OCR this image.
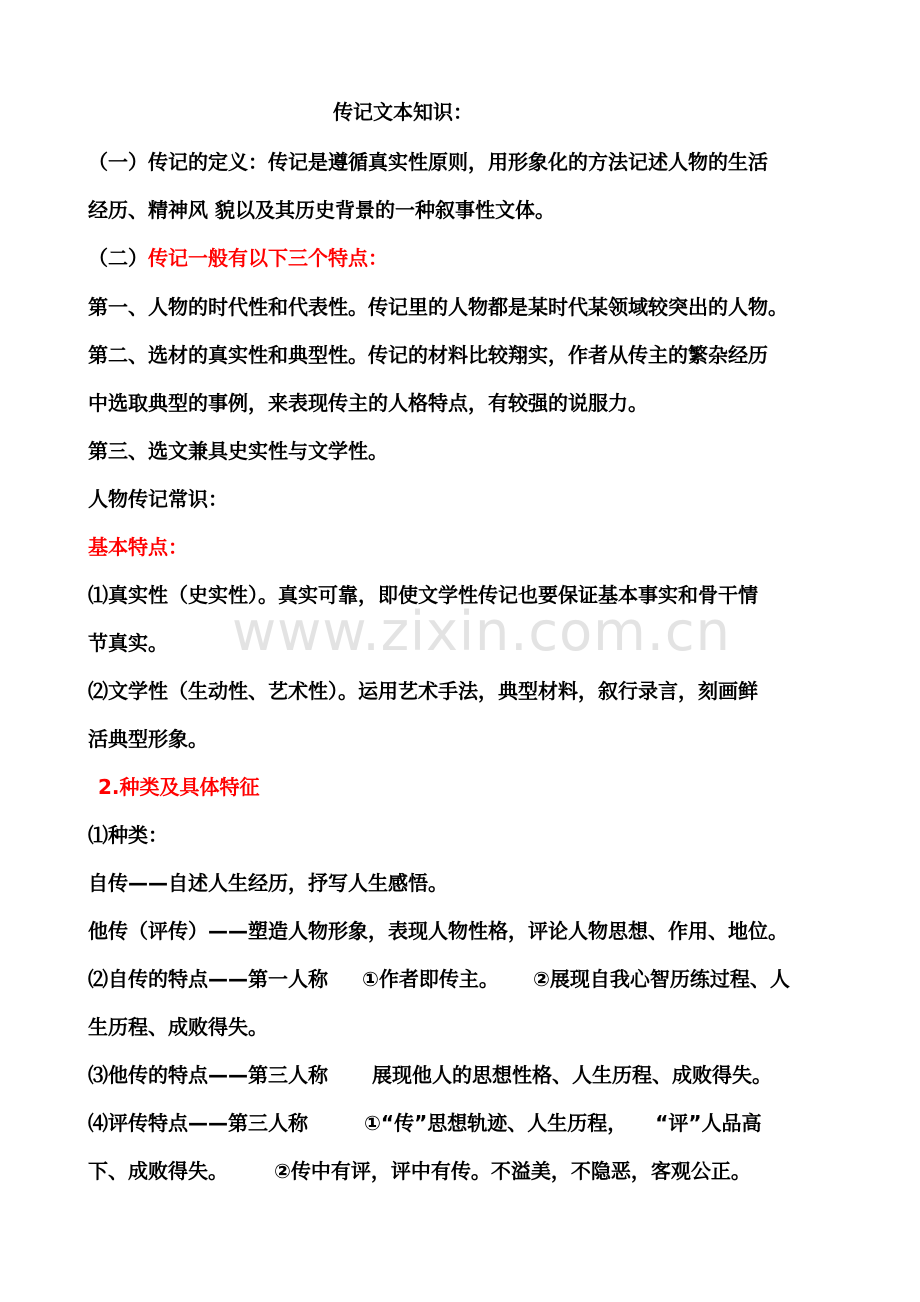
www.zixin.com.cn
传记文本知识：
（一）传记的定义：传记是遵循真实性原则，用形象化的方法记述人物的生活
经历、精神风 貌以及其历史背景的一种叙事性文体。
（二）传记一般有以下三个特点：
第一、人物的时代性和代表性。传记里的人物都是某时代某领域较突出的人物。
第二、选材的真实性和典型性。传记的材料比较翔实，作者从传主的繁杂经历
中选取典型的事例，来表现传主的人格特点，有较强的说服力。
第三、选文兼具史实性与文学性。
人物传记常识：
基本特点：
⑴真实性（史实性）。真实可靠，即使文学性传记也要保证基本事实和骨干情
节真实。
⑵文学性（生动性、艺术性）。运用艺术手法，典型材料，叙行录言，刻画鲜
活典型形象。
2.种类及具体特征
⑴种类：
自传——自述人生经历，抒写人生感悟。
他传（评传）——塑造人物形象，表现人物性格，评论人物思想、作用、地位。
⑵自传的特点——第一人称 ①作者即传主。 ②展现自我心智历练过程、人
生历程、成败得失。
⑶他传的特点——第三人称 展现他人的思想性格、人生历程、成败得失。
⑷评传特点——第三人称	①“传”思想轨迹、人生历程， “评”人品高
下、成败得失。 ②传中有评，评中有传。不溢美，不隐恶，客观公正。
